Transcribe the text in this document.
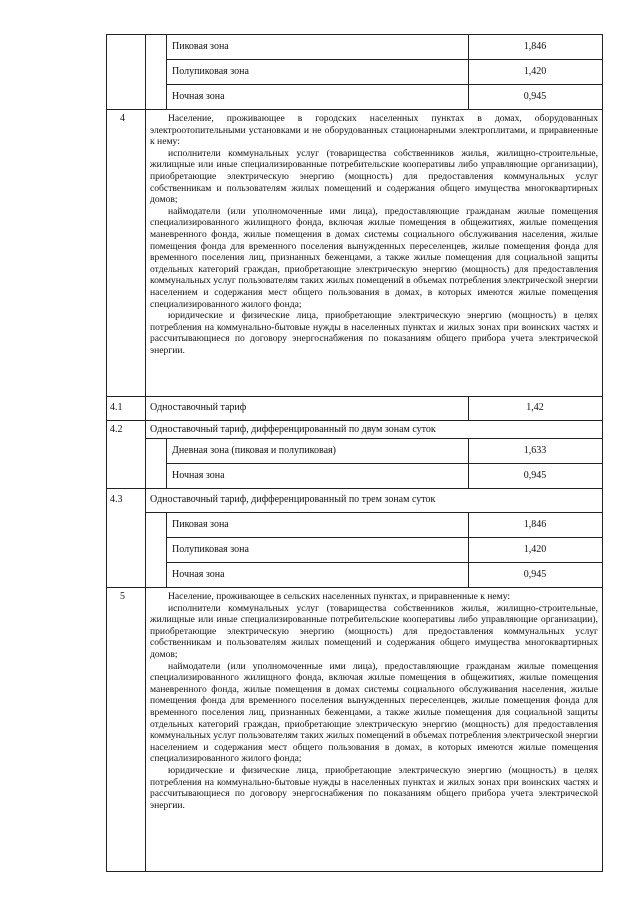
Пиковая зона	1,846
Полупиковая зона	1,420
Ночная зона	0,945
4	Население, проживающее в городских населенных пунктах в домах, оборудованных электроотопительными установками и не оборудованных стационарными электроплитами, и приравненные к нему:

исполнители коммунальных услуг (товарищества собственников жилья, жилищно-строительные, жилищные или иные специализированные потребительские кооперативы либо управляющие организации), приобретающие электрическую энергию (мощность) для предоставления коммунальных услуг собственникам и пользователям жилых помещений и содержания общего имущества многоквартирных домов;

наймодатели (или уполномоченные ими лица), предоставляющие гражданам жилые помещения специализированного жилищного фонда, включая жилые помещения в общежитиях, жилые помещения маневренного фонда, жилые помещения в домах системы социального обслуживания населения, жилые помещения фонда для временного поселения вынужденных переселенцев, жилые помещения фонда для временного поселения лиц, признанных беженцами, а также жилые помещения для социальной защиты отдельных категорий граждан, приобретающие электрическую энергию (мощность) для предоставления коммунальных услуг пользователям таких жилых помещений в объемах потребления электрической энергии населением и содержания мест общего пользования в домах, в которых имеются жилые помещения специализированного жилого фонда;

юридические и физические лица, приобретающие электрическую энергию (мощность) в целях потребления на коммунально-бытовые нужды в населенных пунктах и жилых зонах при воинских частях и рассчитывающиеся по договору энергоснабжения по показаниям общего прибора учета электрической энергии.

4.1	Одноставочный тариф	1,42
4.2	Одноставочный тариф, дифференцированный по двум зонам суток
Дневная зона (пиковая и полупиковая)	1,633
Ночная зона	0,945
4.3	Одноставочный тариф, дифференцированный по трем зонам суток
Пиковая зона	1,846
Полупиковая зона	1,420
Ночная зона	0,945
5	Население, проживающее в сельских населенных пунктах, и приравненные к нему:

исполнители коммунальных услуг (товарищества собственников жилья, жилищно-строительные, жилищные или иные специализированные потребительские кооперативы либо управляющие организации), приобретающие электрическую энергию (мощность) для предоставления коммунальных услуг собственникам и пользователям жилых помещений и содержания общего имущества многоквартирных домов;

наймодатели (или уполномоченные ими лица), предоставляющие гражданам жилые помещения специализированного жилищного фонда, включая жилые помещения в общежитиях, жилые помещения маневренного фонда, жилые помещения в домах системы социального обслуживания населения, жилые помещения фонда для временного поселения вынужденных переселенцев, жилые помещения фонда для временного поселения лиц, признанных беженцами, а также жилые помещения для социальной защиты отдельных категорий граждан, приобретающие электрическую энергию (мощность) для предоставления коммунальных услуг пользователям таких жилых помещений в объемах потребления электрической энергии населением и содержания мест общего пользования в домах, в которых имеются жилые помещения специализированного жилого фонда;

юридические и физические лица, приобретающие электрическую энергию (мощность) в целях потребления на коммунально-бытовые нужды в населенных пунктах и жилых зонах при воинских частях и рассчитывающиеся по договору энергоснабжения по показаниям общего прибора учета электрической энергии.
